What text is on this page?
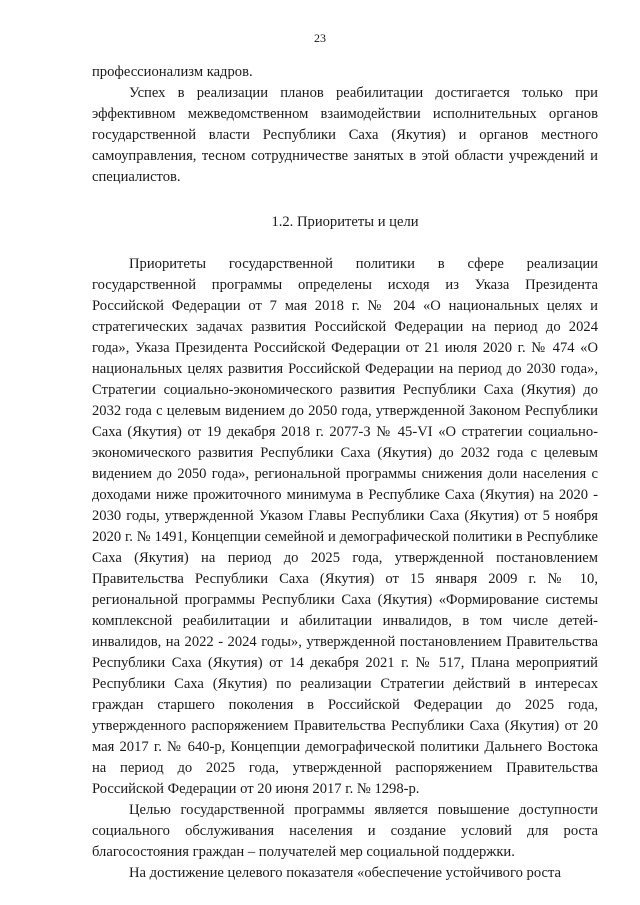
23

профессионализм кадров.

Успех в реализации планов реабилитации достигается только при эффективном межведомственном взаимодействии исполнительных органов государственной власти Республики Саха (Якутия) и органов местного самоуправления, тесном сотрудничестве занятых в этой области учреждений и специалистов.

1.2. Приоритеты и цели

Приоритеты государственной политики в сфере реализации государственной программы определены исходя из Указа Президента Российской Федерации от 7 мая 2018 г. № 204 «О национальных целях и стратегических задачах развития Российской Федерации на период до 2024 года», Указа Президента Российской Федерации от 21 июля 2020 г. № 474 «О национальных целях развития Российской Федерации на период до 2030 года», Стратегии социально-экономического развития Республики Саха (Якутия) до 2032 года с целевым видением до 2050 года, утвержденной Законом Республики Саха (Якутия) от 19 декабря 2018 г. 2077-З № 45-VI «О стратегии социально-экономического развития Республики Саха (Якутия) до 2032 года с целевым видением до 2050 года», региональной программы снижения доли населения с доходами ниже прожиточного минимума в Республике Саха (Якутия) на 2020 - 2030 годы, утвержденной Указом Главы Республики Саха (Якутия) от 5 ноября 2020 г. № 1491, Концепции семейной и демографической политики в Республике Саха (Якутия) на период до 2025 года, утвержденной постановлением Правительства Республики Саха (Якутия) от 15 января 2009 г. № 10, региональной программы Республики Саха (Якутия) «Формирование системы комплексной реабилитации и абилитации инвалидов, в том числе детей-инвалидов, на 2022 - 2024 годы», утвержденной постановлением Правительства Республики Саха (Якутия) от 14 декабря 2021 г. № 517, Плана мероприятий Республики Саха (Якутия) по реализации Стратегии действий в интересах граждан старшего поколения в Российской Федерации до 2025 года, утвержденного распоряжением Правительства Республики Саха (Якутия) от 20 мая 2017 г. № 640-р, Концепции демографической политики Дальнего Востока на период до 2025 года, утвержденной распоряжением Правительства Российской Федерации от 20 июня 2017 г. № 1298-р.

Целью государственной программы является повышение доступности социального обслуживания населения и создание условий для роста благосостояния граждан – получателей мер социальной поддержки.

На достижение целевого показателя «обеспечение устойчивого роста
